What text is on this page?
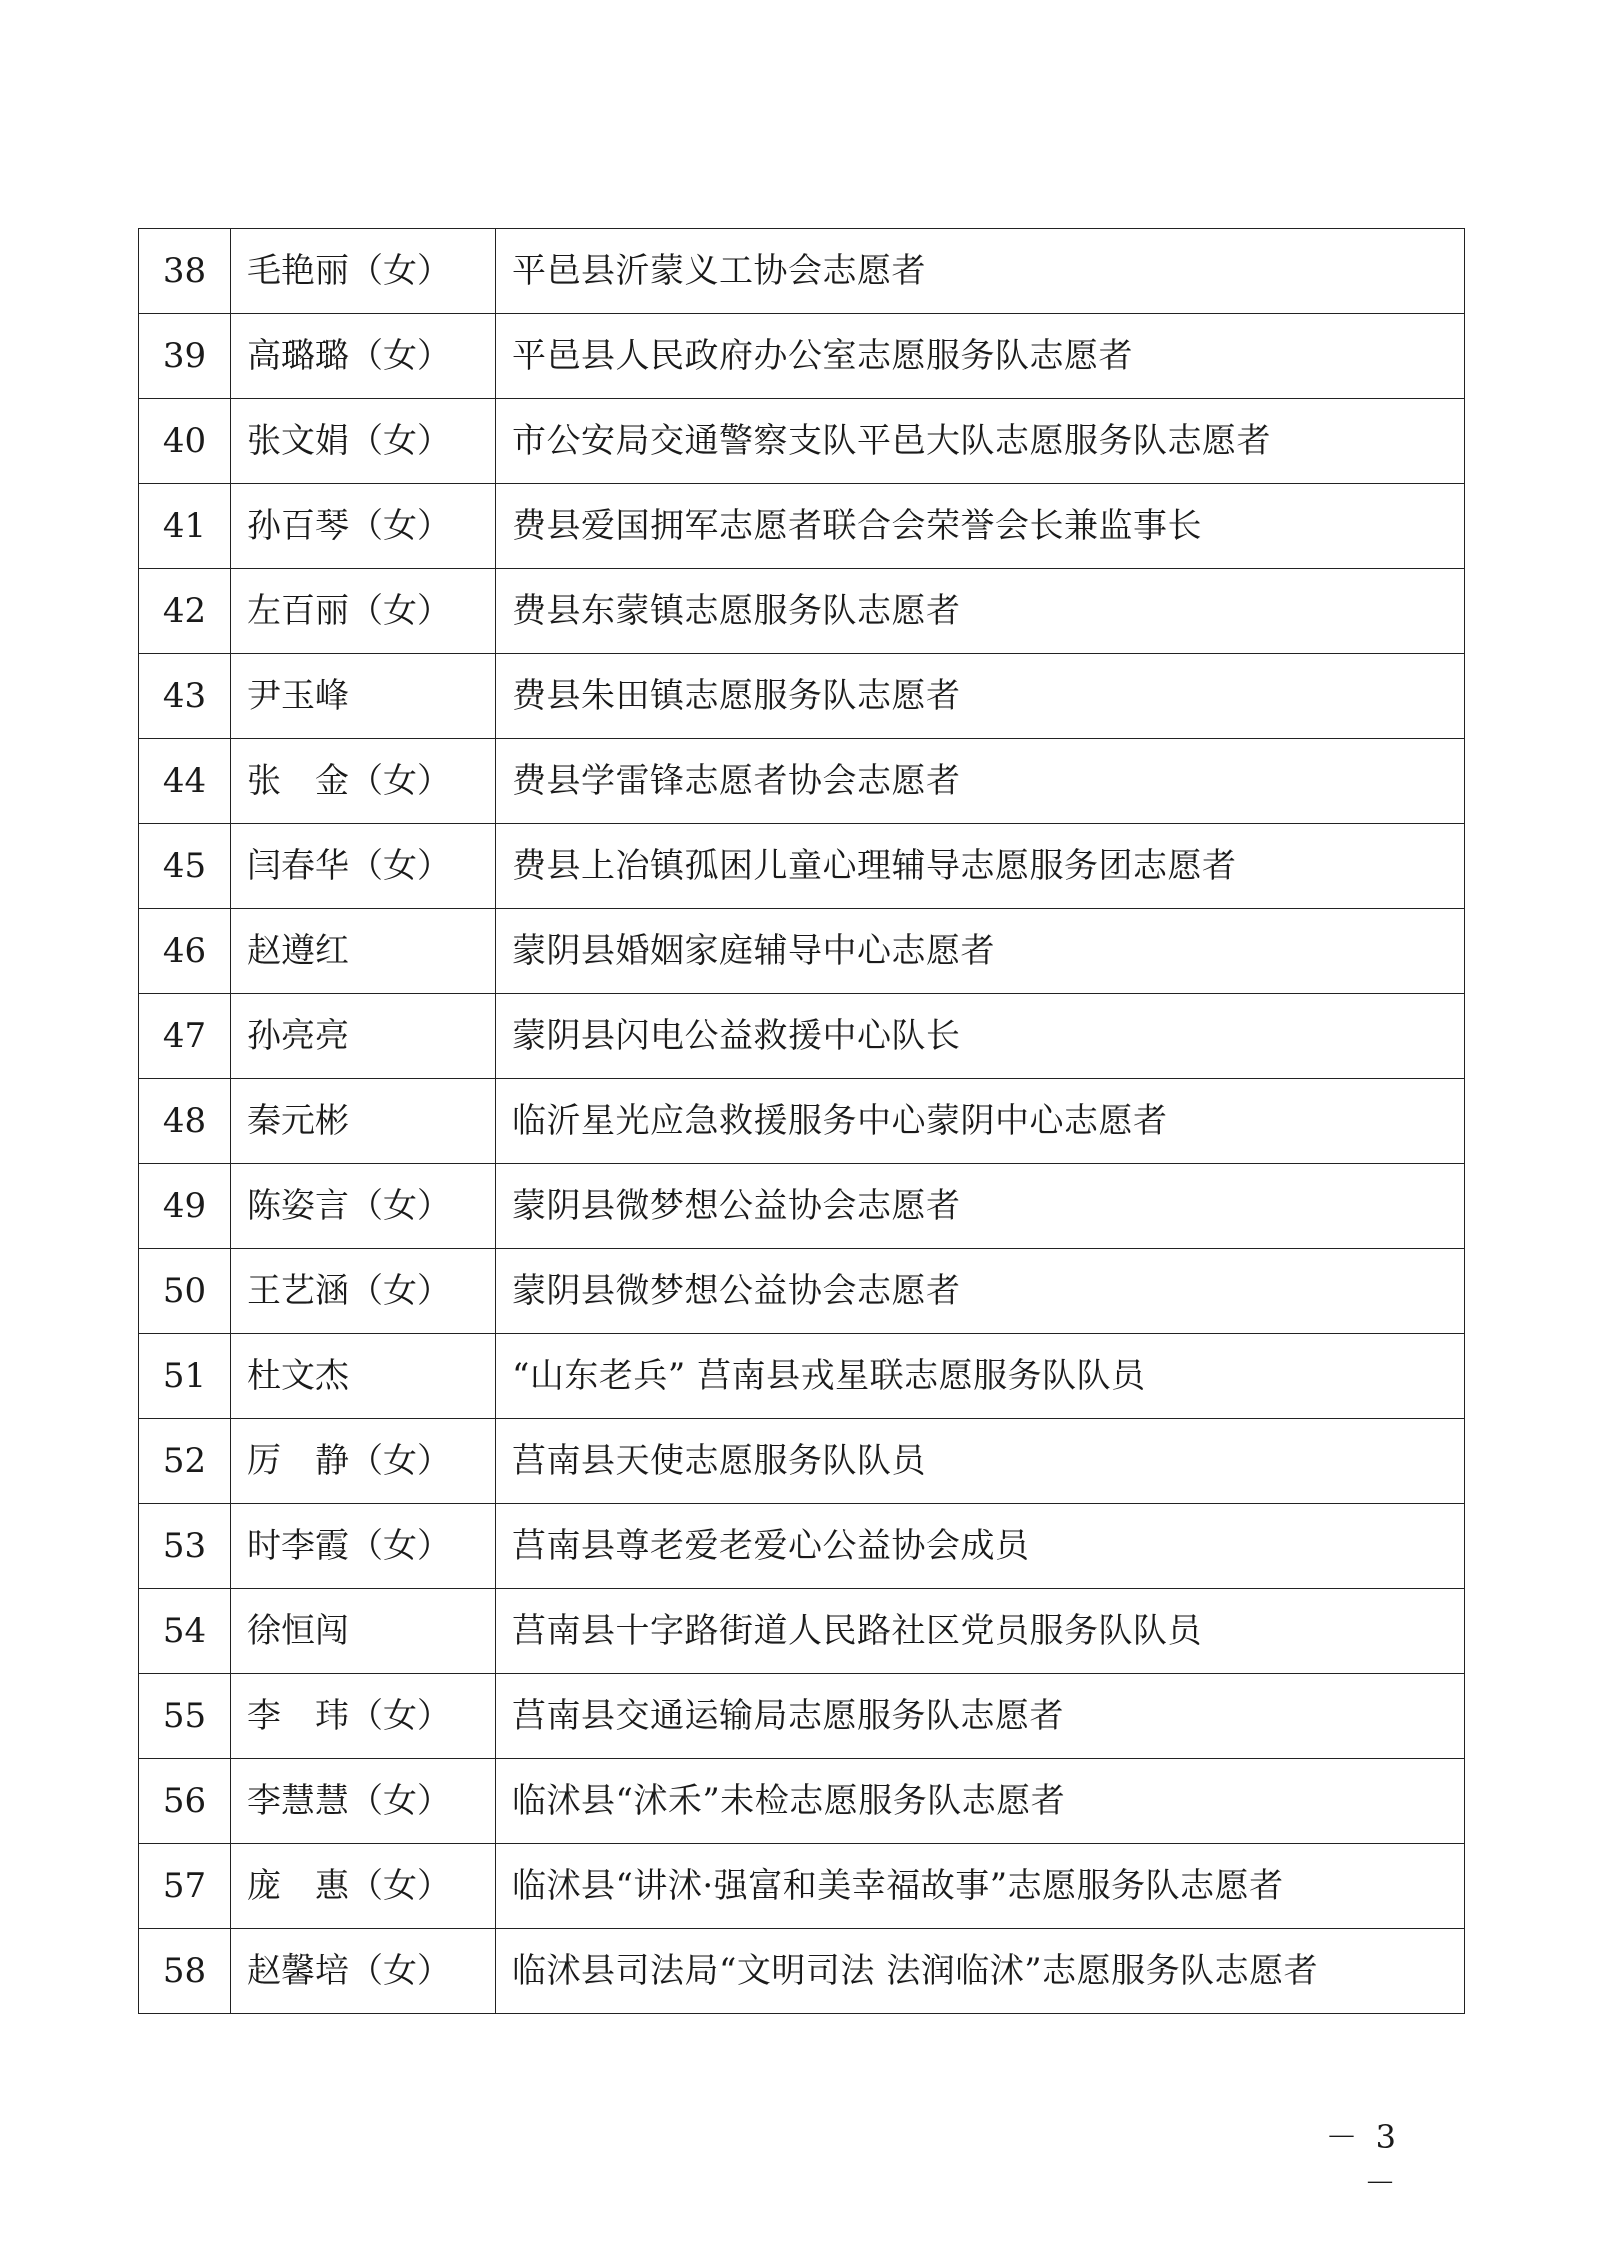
38	毛艳丽（女）	平邑县沂蒙义工协会志愿者
39	高璐璐（女）	平邑县人民政府办公室志愿服务队志愿者
40	张文娟（女）	市公安局交通警察支队平邑大队志愿服务队志愿者
41	孙百琴（女）	费县爱国拥军志愿者联合会荣誉会长兼监事长
42	左百丽（女）	费县东蒙镇志愿服务队志愿者
43	尹玉峰	费县朱田镇志愿服务队志愿者
44	张　金（女）	费县学雷锋志愿者协会志愿者
45	闫春华（女）	费县上冶镇孤困儿童心理辅导志愿服务团志愿者
46	赵遵红	蒙阴县婚姻家庭辅导中心志愿者
47	孙亮亮	蒙阴县闪电公益救援中心队长
48	秦元彬	临沂星光应急救援服务中心蒙阴中心志愿者
49	陈姿言（女）	蒙阴县微梦想公益协会志愿者
50	王艺涵（女）	蒙阴县微梦想公益协会志愿者
51	杜文杰	“山东老兵” 莒南县戎星联志愿服务队队员
52	厉　静（女）	莒南县天使志愿服务队队员
53	时李霞（女）	莒南县尊老爱老爱心公益协会成员
54	徐恒闯	莒南县十字路街道人民路社区党员服务队队员
55	李　玮（女）	莒南县交通运输局志愿服务队志愿者
56	李慧慧（女）	临沭县“沭禾”未检志愿服务队志愿者
57	庞　惠（女）	临沭县“讲沭·强富和美幸福故事”志愿服务队志愿者
58	赵馨培（女）	临沭县司法局“文明司法 法润临沭”志愿服务队志愿者
－ 3 －
